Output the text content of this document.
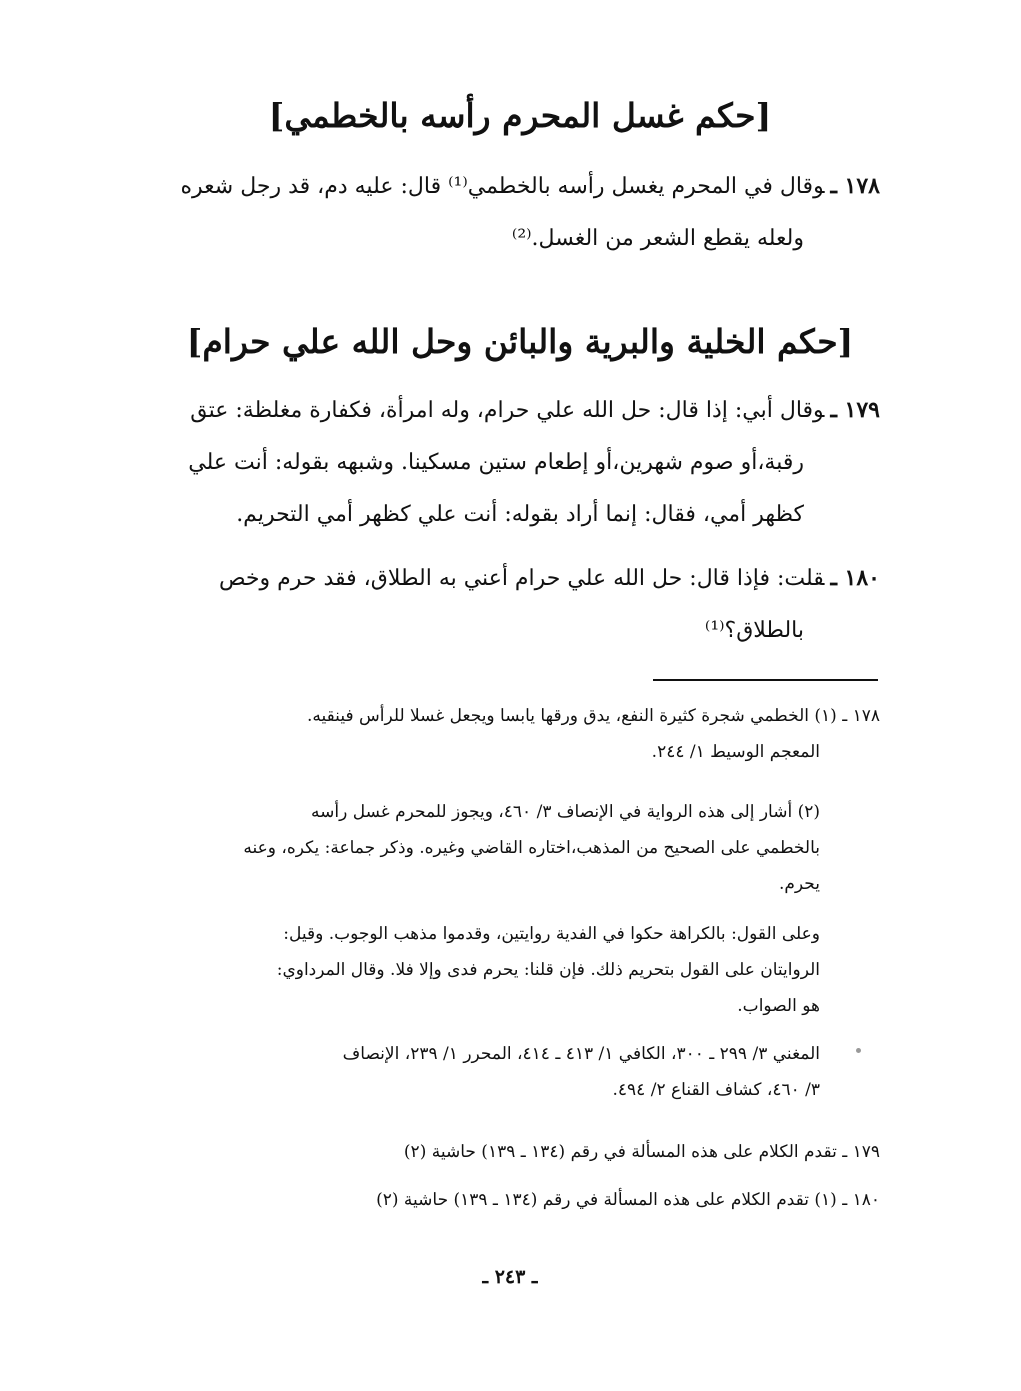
[حكم غسل المحرم رأسه بالخطمي]
١٧٨ ـوقال في المحرم يغسل رأسه بالخطمي⁽¹⁾ قال: عليه دم، قد رجل شعره
ولعله يقطع الشعر من الغسل.⁽²⁾
[حكم الخلية والبرية والبائن وحل الله علي حرام]
١٧٩ ـوقال أبي: إذا قال: حل الله علي حرام، وله امرأة، فكفارة مغلظة: عتق
رقبة،أو صوم شهرين،أو إطعام ستين مسكينا. وشبهه بقوله: أنت علي
كظهر أمي، فقال: إنما أراد بقوله: أنت علي كظهر أمي التحريم.
١٨٠ ـقلت: فإذا قال: حل الله علي حرام أعني به الطلاق، فقد حرم وخص
بالطلاق؟⁽¹⁾
١٧٨ ـ (١) الخطمي شجرة كثيرة النفع، يدق ورقها يابسا ويجعل غسلا للرأس فينقيه.
المعجم الوسيط ١/ ٢٤٤.
(٢) أشار إلى هذه الرواية في الإنصاف ٣/ ٤٦٠، ويجوز للمحرم غسل رأسه
بالخطمي على الصحيح من المذهب،اختاره القاضي وغيره. وذكر جماعة: يكره، وعنه
يحرم.
وعلى القول: بالكراهة حكوا في الفدية روايتين، وقدموا مذهب الوجوب. وقيل:
الروايتان على القول بتحريم ذلك. فإن قلنا: يحرم فدى وإلا فلا. وقال المرداوي:
هو الصواب.
المغني ٣/ ٢٩٩ ـ ٣٠٠، الكافي ١/ ٤١٣ ـ ٤١٤، المحرر ١/ ٢٣٩، الإنصاف
٣/ ٤٦٠، كشاف القناع ٢/ ٤٩٤.
١٧٩ ـ تقدم الكلام على هذه المسألة في رقم (١٣٤ ـ ١٣٩) حاشية (٢)
١٨٠ ـ (١) تقدم الكلام على هذه المسألة في رقم (١٣٤ ـ ١٣٩) حاشية (٢)
ـ ٢٤٣ ـ
